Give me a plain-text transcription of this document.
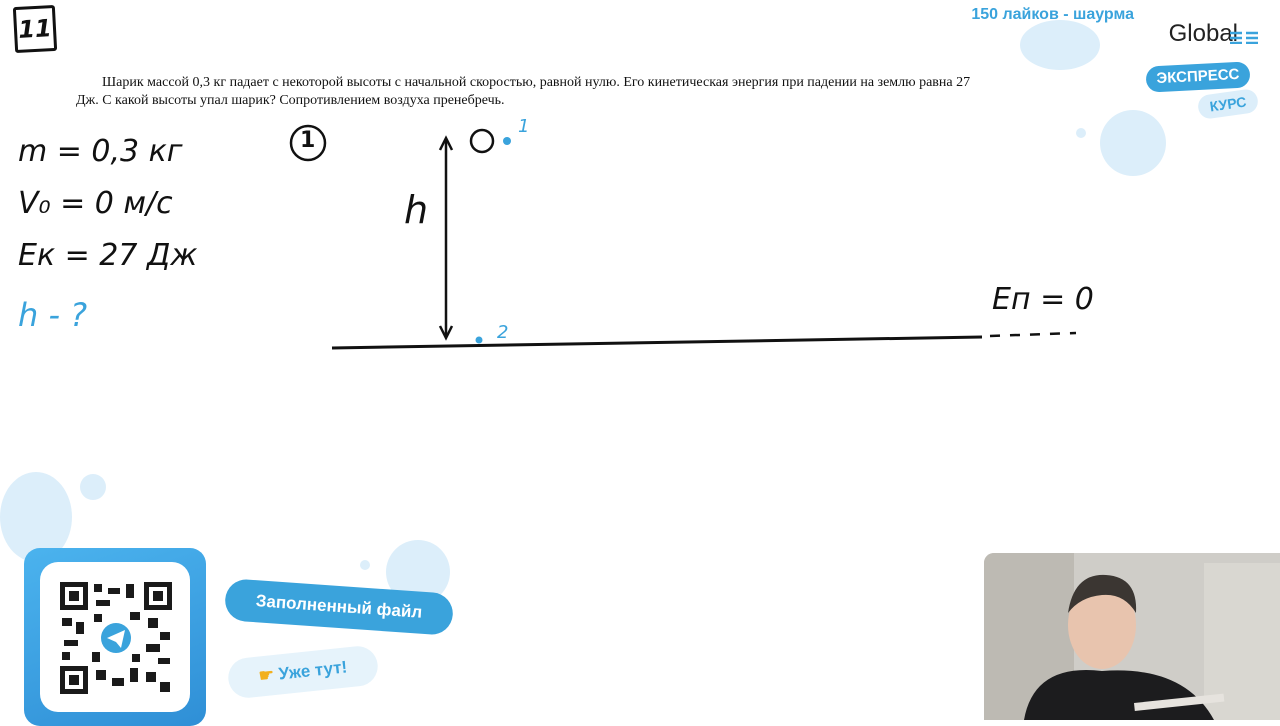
11
Шарик массой 0,3 кг падает с некоторой высоты с начальной скоростью, равной нулю. Его кинетическая энергия при падении на землю равна 27 Дж. С какой высоты упал шарик? Сопротивлением воздуха пренебречь.
m = 0,3 кг
V₀ = 0 м/с
Eк = 27 Дж
h - ?
1
h
1
2
Eп = 0
150 лайков - шаурма
Global
ЭКСПРЕСС
КУРС
Заполненный файл
☛ Уже тут!
